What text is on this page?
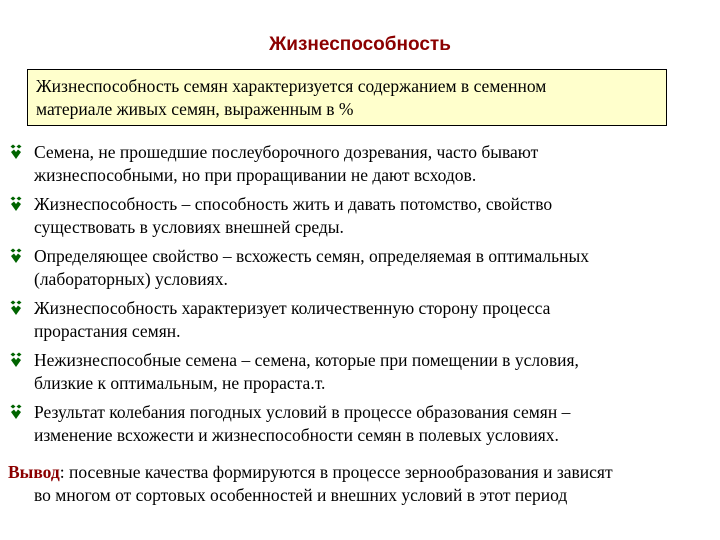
Жизнеспособность
Жизнеспособность семян характеризуется содержанием в семенном
материале живых семян, выраженным в %
Семена, не прошедшие послеуборочного дозревания, часто бывают
жизнеспособными, но при проращивании не дают всходов.
Жизнеспособность – способность жить и давать потомство, свойство
существовать в условиях внешней среды.
Определяющее свойство – всхожесть семян, определяемая в оптимальных
(лабораторных) условиях.
Жизнеспособность характеризует количественную сторону процесса
прорастания семян.
Нежизнеспособные семена – семена, которые при помещении в условия,
близкие к оптимальным, не прораста.т.
Результат колебания погодных условий в процессе образования семян –
изменение всхожести и жизнеспособности семян в полевых условиях.

Вывод: посевные качества формируются в процессе зернообразования и зависят
во многом от сортовых особенностей и внешних условий в этот период
